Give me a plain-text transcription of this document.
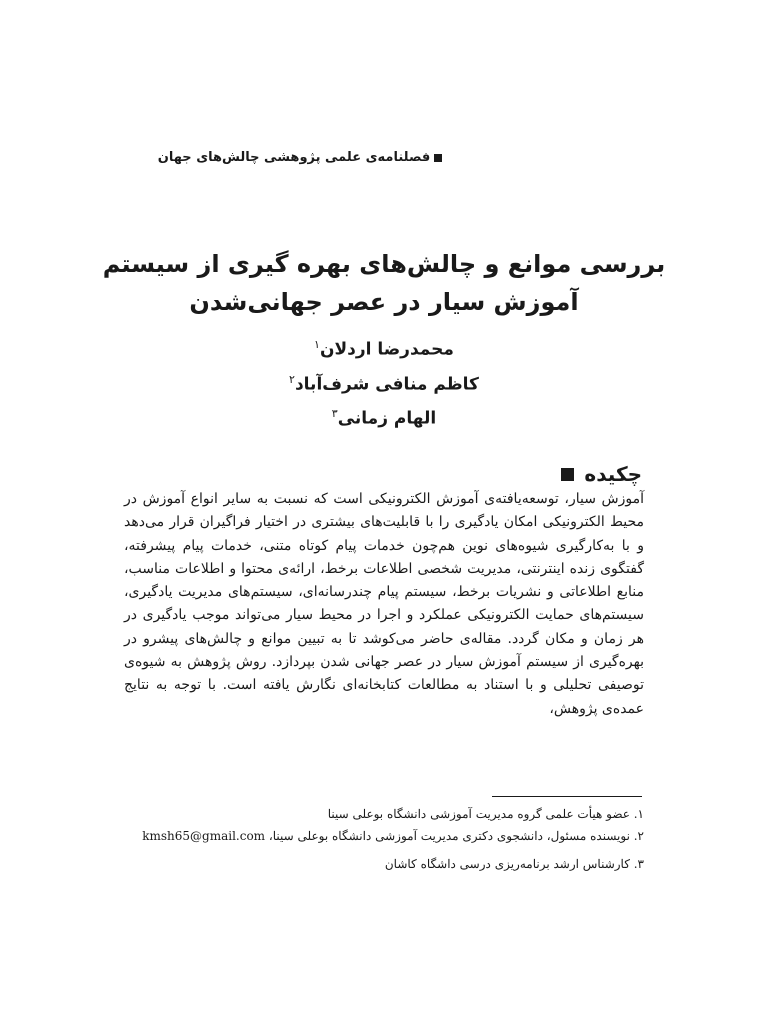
فصلنامه‌ی علمی پژوهشی چالش‌های جهان
بررسی موانع و چالش‌های بهره گیری از سیستم
آموزش سیار در عصر جهانی‌شدن
محمدرضا اردلان$^۱$
کاظم منافی شرف‌آباد$^۲$
الهام زمانی$^۳$
چکیده
آموزش سیار، توسعه‌یافته‌ی آموزش الکترونیکی است که نسبت به سایر انواع آموزش در محیط الکترونیکی امکان یادگیری را با قابلیت‌های بیشتری در اختیار فراگیران قرار می‌دهد و با به‌کارگیری شیوه‌های نوین هم‌چون خدمات پیام کوتاه متنی، خدمات پیام پیشرفته، گفتگوی زنده اینترنتی، مدیریت شخصی اطلاعات برخط، ارائه‌ی محتوا و اطلاعات مناسب، منابع اطلاعاتی و نشریات برخط، سیستم پیام چندرسانه‌ای، سیستم‌های مدیریت یادگیری، سیستم‌های حمایت الکترونیکی عملکرد و اجرا در محیط سیار می‌تواند موجب یادگیری در هر زمان و مکان گردد. مقاله‌ی حاضر می‌کوشد تا به تبیین موانع و چالش‌های پیشرو در بهره‌گیری از سیستم آموزش سیار در عصر جهانی شدن بپردازد. روش پژوهش به شیوه‌ی توصیفی تحلیلی و با استناد به مطالعات کتابخانه‌ای نگارش یافته است. با توجه به نتایج عمده‌ی پژوهش،

۱. عضو هیأت علمی گروه مدیریت آموزشی دانشگاه بوعلی سینا

۲. نویسنده مسئول، دانشجوی دکتری مدیریت آموزشی دانشگاه بوعلی سینا، kmsh65@gmail.com

۳. کارشناس ارشد برنامه‌ریزی درسی داشگاه کاشان
